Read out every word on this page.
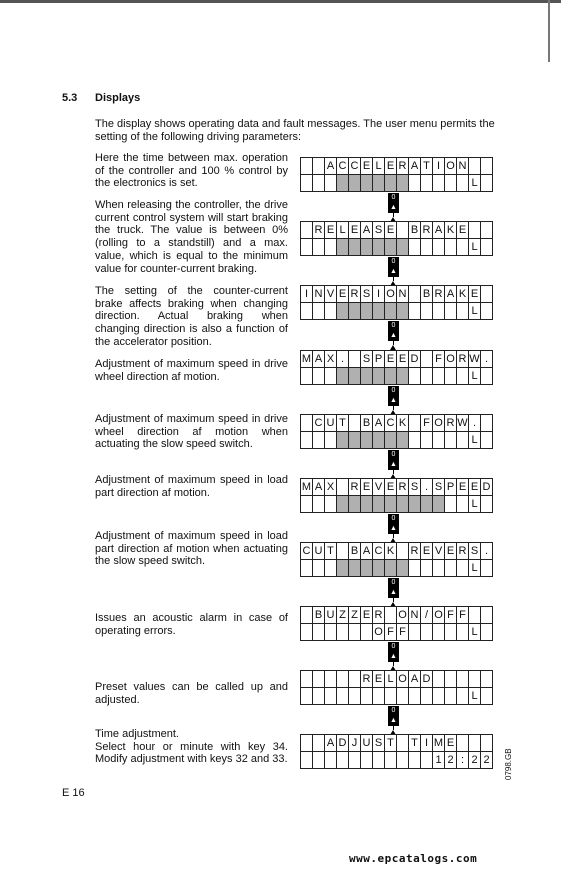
5.3 Displays
The display shows operating data and fault messages. The user menu permits the setting of the following driving parameters:

Here the time between max. operation of the controller and 100 % control by the electronics is set.

		A	C	C	E	L	E	R	A	T	I	O	N		
														L	
0
▲

When releasing the controller, the drive current control system will start braking the truck. The value is between 0% (rolling to a standstill) and a max. value, which is equal to the minimum value for counter-current braking.

	R	E	L	E	A	S	E		B	R	A	K	E		
														L	
0
▲

The setting of the counter-current brake affects braking when changing direction. Actual braking when changing direction is also a function of the accelerator position.

I	N	V	E	R	S	I	O	N		B	R	A	K	E	
														L	
0
▲

Adjustment of maximum speed in drive wheel direction af motion.

M	A	X	.		S	P	E	E	D		F	O	R	W	.
														L	
0
▲

Adjustment of maximum speed in drive wheel direction af motion when actuating the slow speed switch.

	C	U	T		B	A	C	K		F	O	R	W	.	
														L	
0
▲

Adjustment of maximum speed in load part direction af motion.

M	A	X		R	E	V	E	R	S	.	S	P	E	E	D
														L	
0
▲

Adjustment of maximum speed in load part direction af motion when actuating the slow speed switch.

C	U	T		B	A	C	K		R	E	V	E	R	S	.
														L	
0
▲

Issues an acoustic alarm in case of operating errors.

	B	U	Z	Z	E	R		O	N	/	O	F	F		
						O	F	F						L	
0
▲

Preset values can be called up and adjusted.

					R	E	L	O	A	D					
														L	
0
▲

Time adjustment.
Select hour or minute with key 34. Modify adjustment with keys 32 and 33.

		A	D	J	U	S	T		T	I	M	E			
											1	2	:	2	2 0798.GB
E 16
www.epcatalogs.com
